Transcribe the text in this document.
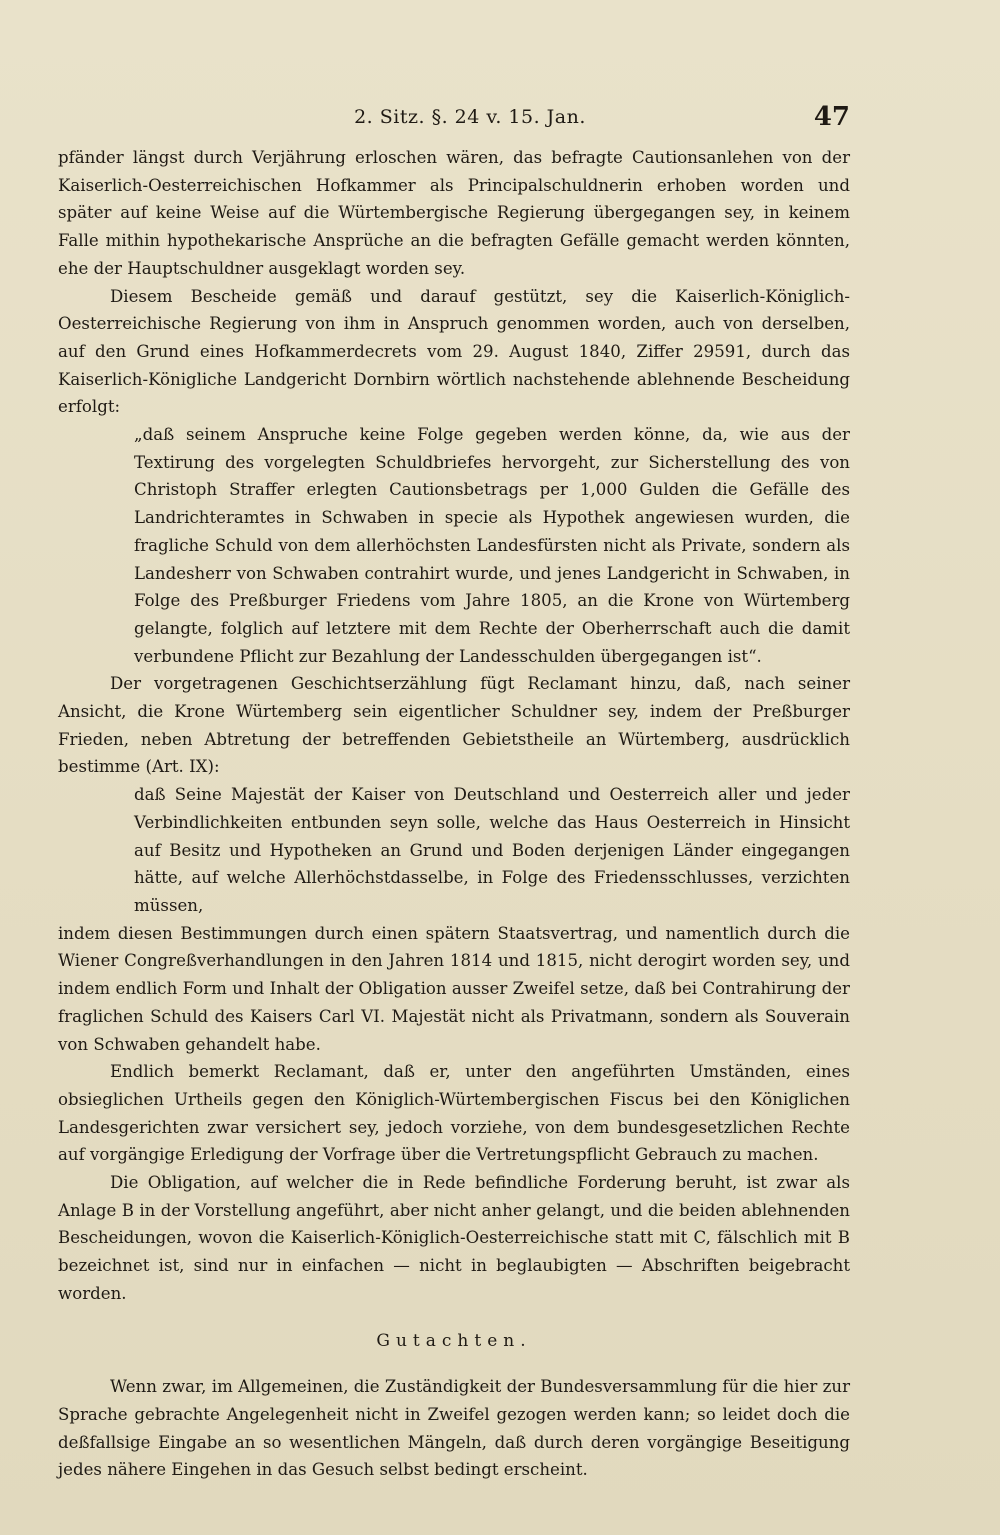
2. Sitz. §. 24 v. 15. Jan.	47

pfänder längst durch Verjährung erloschen wären, das befragte Cautionsanlehen von der Kaiserlich-Oesterreichischen Hofkammer als Principalschuldnerin erhoben worden und später auf keine Weise auf die Würtembergische Regierung übergegangen sey, in keinem Falle mithin hypothekarische Ansprüche an die befragten Gefälle gemacht werden könnten, ehe der Hauptschuldner ausgeklagt worden sey.

Diesem Bescheide gemäß und darauf gestützt, sey die Kaiserlich-Königlich-Oesterreichische Regierung von ihm in Anspruch genommen worden, auch von derselben, auf den Grund eines Hofkammerdecrets vom 29. August 1840, Ziffer 29591, durch das Kaiserlich-Königliche Landgericht Dornbirn wörtlich nachstehende ablehnende Bescheidung erfolgt:

„daß seinem Anspruche keine Folge gegeben werden könne, da, wie aus der Textirung des vorgelegten Schuldbriefes hervorgeht, zur Sicherstellung des von Christoph Straffer erlegten Cautionsbetrags per 1,000 Gulden die Gefälle des Landrichteramtes in Schwaben in specie als Hypothek angewiesen wurden, die fragliche Schuld von dem allerhöchsten Landesfürsten nicht als Private, sondern als Landesherr von Schwaben contrahirt wurde, und jenes Landgericht in Schwaben, in Folge des Preßburger Friedens vom Jahre 1805, an die Krone von Würtemberg gelangte, folglich auf letztere mit dem Rechte der Oberherrschaft auch die damit verbundene Pflicht zur Bezahlung der Landesschulden übergegangen ist“.

Der vorgetragenen Geschichtserzählung fügt Reclamant hinzu, daß, nach seiner Ansicht, die Krone Würtemberg sein eigentlicher Schuldner sey, indem der Preßburger Frieden, neben Abtretung der betreffenden Gebietstheile an Würtemberg, ausdrücklich bestimme (Art. IX):

daß Seine Majestät der Kaiser von Deutschland und Oesterreich aller und jeder Verbindlichkeiten entbunden seyn solle, welche das Haus Oesterreich in Hinsicht auf Besitz und Hypotheken an Grund und Boden derjenigen Länder eingegangen hätte, auf welche Allerhöchstdasselbe, in Folge des Friedensschlusses, verzichten müssen,

indem diesen Bestimmungen durch einen spätern Staatsvertrag, und namentlich durch die Wiener Congreßverhandlungen in den Jahren 1814 und 1815, nicht derogirt worden sey, und indem endlich Form und Inhalt der Obligation ausser Zweifel setze, daß bei Contrahirung der fraglichen Schuld des Kaisers Carl VI. Majestät nicht als Privatmann, sondern als Souverain von Schwaben gehandelt habe.

Endlich bemerkt Reclamant, daß er, unter den angeführten Umständen, eines obsieglichen Urtheils gegen den Königlich-Würtembergischen Fiscus bei den Königlichen Landesgerichten zwar versichert sey, jedoch vorziehe, von dem bundesgesetzlichen Rechte auf vorgängige Erledigung der Vorfrage über die Vertretungspflicht Gebrauch zu machen.

Die Obligation, auf welcher die in Rede befindliche Forderung beruht, ist zwar als Anlage B in der Vorstellung angeführt, aber nicht anher gelangt, und die beiden ablehnenden Bescheidungen, wovon die Kaiserlich-Königlich-Oesterreichische statt mit C, fälschlich mit B bezeichnet ist, sind nur in einfachen — nicht in beglaubigten — Abschriften beigebracht worden.

Gutachten.

Wenn zwar, im Allgemeinen, die Zuständigkeit der Bundesversammlung für die hier zur Sprache gebrachte Angelegenheit nicht in Zweifel gezogen werden kann; so leidet doch die deßfallsige Eingabe an so wesentlichen Mängeln, daß durch deren vorgängige Beseitigung jedes nähere Eingehen in das Gesuch selbst bedingt erscheint.
